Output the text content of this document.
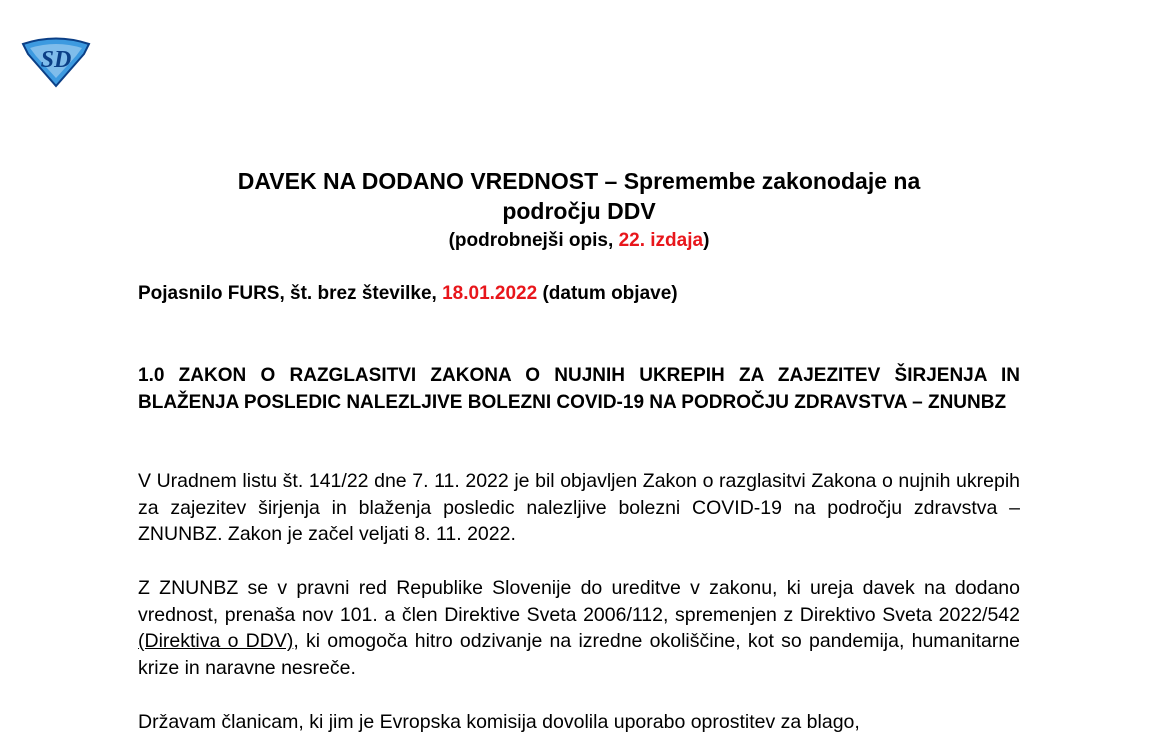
SD
DAVEK NA DODANO VREDNOST – Spremembe zakonodaje na
področju DDV
(podrobnejši opis, 22. izdaja)
Pojasnilo FURS, št. brez številke, 18.01.2022 (datum objave)
1.0 ZAKON O RAZGLASITVI ZAKONA O NUJNIH UKREPIH ZA ZAJEZITEV ŠIRJENJA IN BLAŽENJA POSLEDIC NALEZLJIVE BOLEZNI COVID-19 NA PODROČJU ZDRAVSTVA – ZNUNBZ
V Uradnem listu št. 141/22 dne 7. 11. 2022 je bil objavljen Zakon o razglasitvi Zakona o nujnih ukrepih za zajezitev širjenja in blaženja posledic nalezljive bolezni COVID-19 na področju zdravstva – ZNUNBZ. Zakon je začel veljati 8. 11. 2022.
Z ZNUNBZ se v pravni red Republike Slovenije do ureditve v zakonu, ki ureja davek na dodano vrednost, prenaša nov 101. a člen Direktive Sveta 2006/112, spremenjen z Direktivo Sveta 2022/542 (Direktiva o DDV), ki omogoča hitro odzivanje na izredne okoliščine, kot so pandemija, humanitarne krize in naravne nesreče.
Državam članicam, ki jim je Evropska komisija dovolila uporabo oprostitev za blago,
